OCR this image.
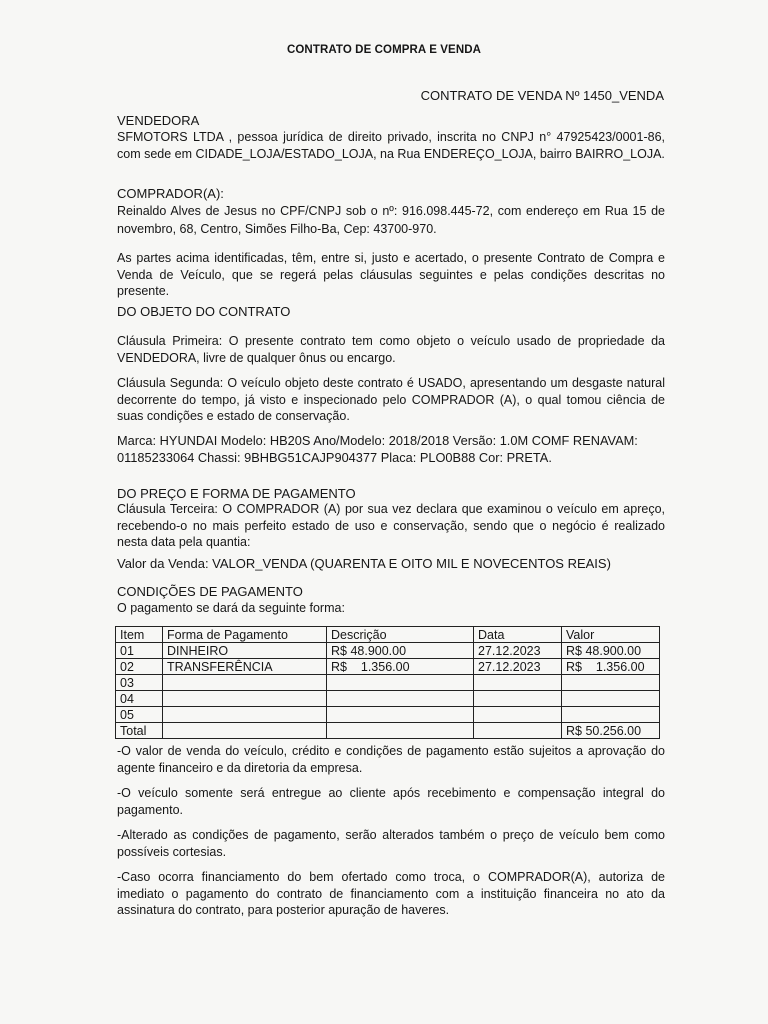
CONTRATO DE COMPRA E VENDA
CONTRATO DE VENDA Nº 1450_VENDA
VENDEDORA
SFMOTORS LTDA , pessoa jurídica de direito privado, inscrita no CNPJ n° 47925423/0001-86, com sede em CIDADE_LOJA/ESTADO_LOJA, na Rua ENDEREÇO_LOJA, bairro BAIRRO_LOJA.
COMPRADOR(A):
Reinaldo Alves de Jesus no CPF/CNPJ sob o nº: 916.098.445-72, com endereço em Rua 15 de novembro, 68, Centro, Simões Filho-Ba, Cep: 43700-970.
As partes acima identificadas, têm, entre si, justo e acertado, o presente Contrato de Compra e Venda de Veículo, que se regerá pelas cláusulas seguintes e pelas condições descritas no presente.
DO OBJETO DO CONTRATO
Cláusula Primeira: O presente contrato tem como objeto o veículo usado de propriedade da VENDEDORA, livre de qualquer ônus ou encargo.
Cláusula Segunda: O veículo objeto deste contrato é USADO, apresentando um desgaste natural decorrente do tempo, já visto e inspecionado pelo COMPRADOR (A), o qual tomou ciência de suas condições e estado de conservação.
Marca: HYUNDAI Modelo: HB20S Ano/Modelo: 2018/2018 Versão: 1.0M COMF RENAVAM:
01185233064 Chassi: 9BHBG51CAJP904377 Placa: PLO0B88 Cor: PRETA.
DO PREÇO E FORMA DE PAGAMENTO
Cláusula Terceira: O COMPRADOR (A) por sua vez declara que examinou o veículo em apreço, recebendo-o no mais perfeito estado de uso e conservação, sendo que o negócio é realizado nesta data pela quantia:
Valor da Venda: VALOR_VENDA (QUARENTA E OITO MIL E NOVECENTOS REAIS)
CONDIÇÕES DE PAGAMENTO
O pagamento se dará da seguinte forma:
Item	Forma de Pagamento	Descrição	Data	Valor
01	DINHEIRO	R$ 48.900.00	27.12.2023	R$ 48.900.00
02	TRANSFERÊNCIA	R$    1.356.00	27.12.2023	R$    1.356.00
03				
04				
05				
Total				R$ 50.256.00
-O valor de venda do veículo, crédito e condições de pagamento estão sujeitos a aprovação do agente financeiro e da diretoria da empresa.
-O veículo somente será entregue ao cliente após recebimento e compensação integral do pagamento.
-Alterado as condições de pagamento, serão alterados também o preço de veículo bem como possíveis cortesias.
-Caso ocorra financiamento do bem ofertado como troca, o COMPRADOR(A), autoriza de imediato o pagamento do contrato de financiamento com a instituição financeira no ato da assinatura do contrato, para posterior apuração de haveres.
